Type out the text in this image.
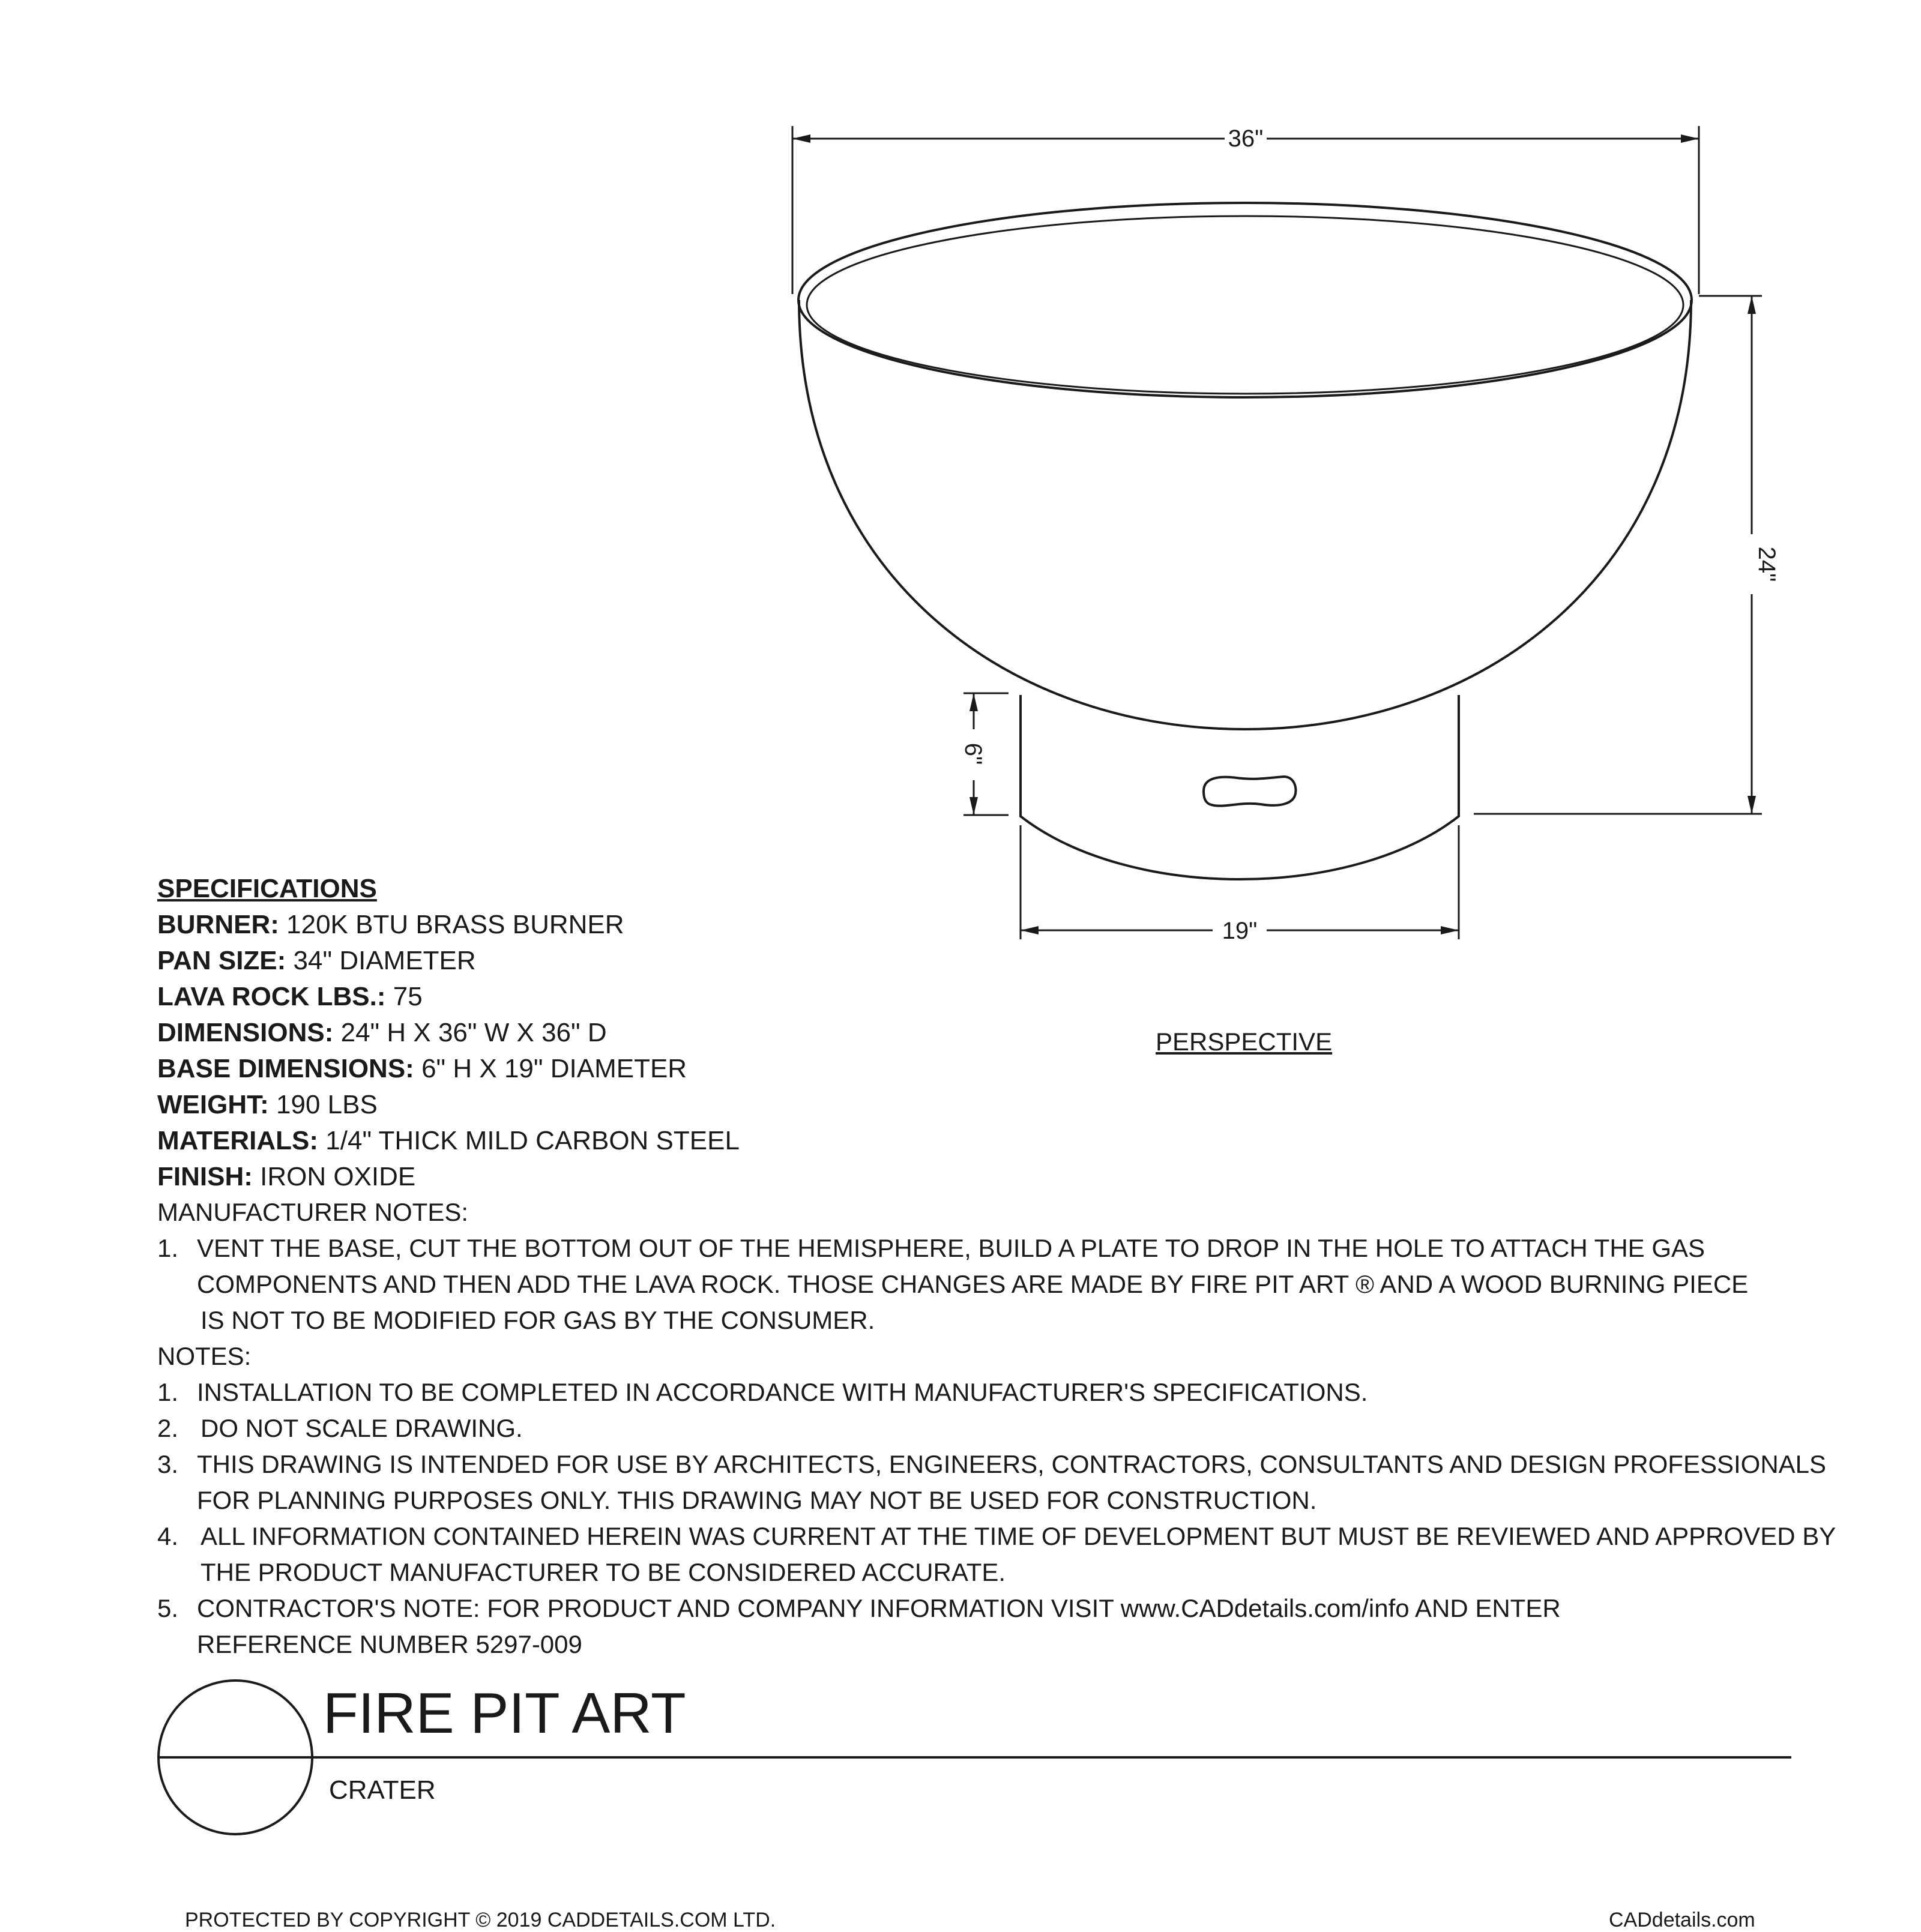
36"
24"
6"
19"
PERSPECTIVE
SPECIFICATIONS
BURNER: 120K BTU BRASS BURNER
PAN SIZE: 34" DIAMETER
LAVA ROCK LBS.: 75
DIMENSIONS: 24" H X 36" W X 36" D
BASE DIMENSIONS: 6" H X 19" DIAMETER
WEIGHT: 190 LBS
MATERIALS: 1/4" THICK MILD CARBON STEEL
FINISH: IRON OXIDE
MANUFACTURER NOTES:
1. VENT THE BASE, CUT THE BOTTOM OUT OF THE HEMISPHERE, BUILD A PLATE TO DROP IN THE HOLE TO ATTACH THE GAS
COMPONENTS AND THEN ADD THE LAVA ROCK. THOSE CHANGES ARE MADE BY FIRE PIT ART ® AND A WOOD BURNING PIECE
IS NOT TO BE MODIFIED FOR GAS BY THE CONSUMER.
NOTES:
1. INSTALLATION TO BE COMPLETED IN ACCORDANCE WITH MANUFACTURER'S SPECIFICATIONS.
2. DO NOT SCALE DRAWING.
3. THIS DRAWING IS INTENDED FOR USE BY ARCHITECTS, ENGINEERS, CONTRACTORS, CONSULTANTS AND DESIGN PROFESSIONALS
FOR PLANNING PURPOSES ONLY. THIS DRAWING MAY NOT BE USED FOR CONSTRUCTION.
4. ALL INFORMATION CONTAINED HEREIN WAS CURRENT AT THE TIME OF DEVELOPMENT BUT MUST BE REVIEWED AND APPROVED BY
THE PRODUCT MANUFACTURER TO BE CONSIDERED ACCURATE.
5. CONTRACTOR'S NOTE: FOR PRODUCT AND COMPANY INFORMATION VISIT www.CADdetails.com/info AND ENTER
REFERENCE NUMBER 5297-009
FIRE PIT ART
CRATER
PROTECTED BY COPYRIGHT © 2019 CADDETAILS.COM LTD.	CADdetails.com
